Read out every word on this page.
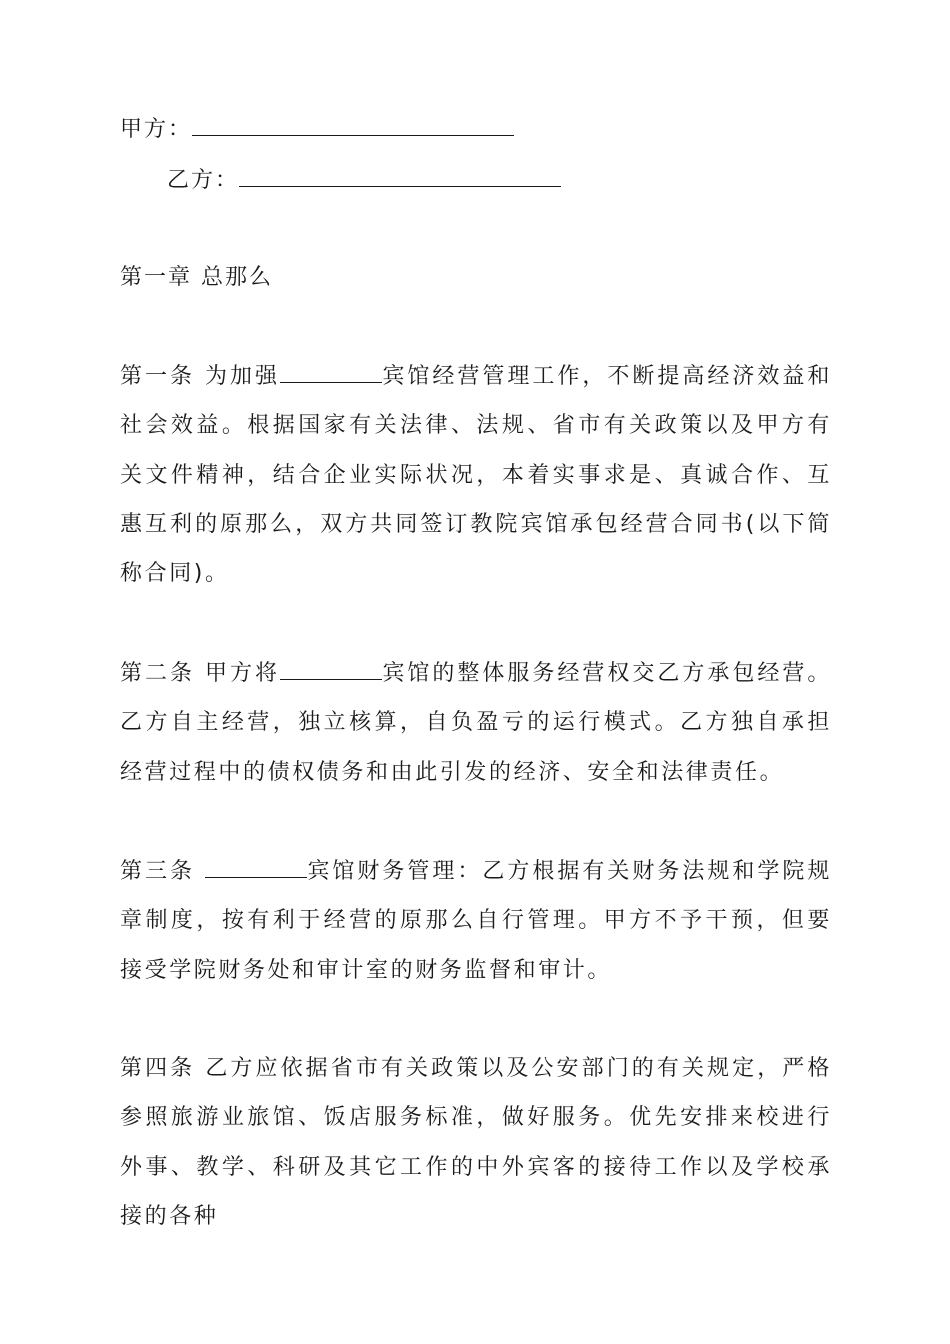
甲方：
乙方：
第一章 总那么
第一条 为加强	宾馆经营管理工作，不断提高经济效益和社会效益。根据国家有关法律、法规、省市有关政策以及甲方有关文件精神，结合企业实际状况，本着实事求是、真诚合作、互惠互利的原那么，双方共同签订教院宾馆承包经营合同书(以下简称合同)。
第二条 甲方将	宾馆的整体服务经营权交乙方承包经营。乙方自主经营，独立核算，自负盈亏的运行模式。乙方独自承担经营过程中的债权债务和由此引发的经济、安全和法律责任。
第三条	宾馆财务管理：乙方根据有关财务法规和学院规章制度，按有利于经营的原那么自行管理。甲方不予干预，但要接受学院财务处和审计室的财务监督和审计。
第四条 乙方应依据省市有关政策以及公安部门的有关规定，严格参照旅游业旅馆、饭店服务标准，做好服务。优先安排来校进行外事、教学、科研及其它工作的中外宾客的接待工作以及学校承接的各种
